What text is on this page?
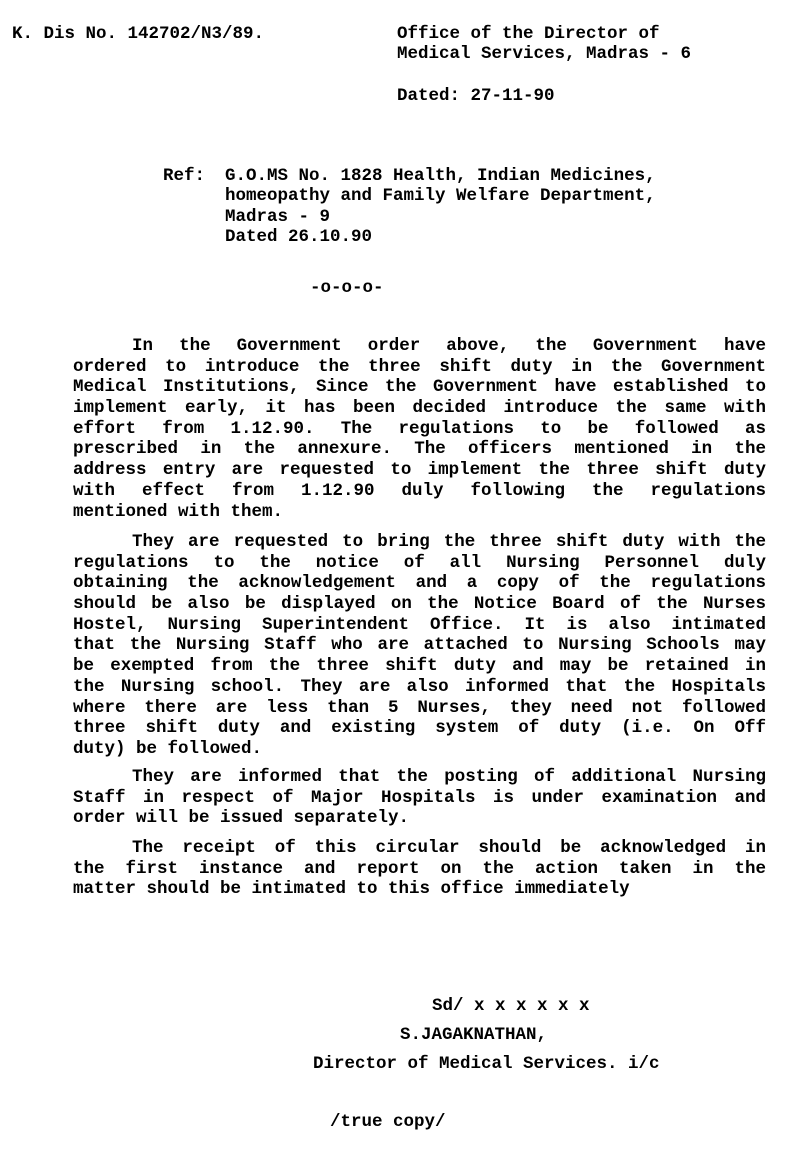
K. Dis No. 142702/N3/89.	Office of the Director of
Medical Services, Madras - 6
Dated: 27-11-90
Ref: G.O.MS No. 1828 Health, Indian Medicines,
homeopathy and Family Welfare Department,
Madras - 9
Dated 26.10.90
-o-o-o-
In the Government order above, the Government have
ordered to introduce the three shift duty in the Government
Medical Institutions, Since the Government have established to
implement early, it has been decided introduce the same with
effort from 1.12.90. The regulations to be followed as
prescribed in the annexure. The officers mentioned in the
address entry are requested to implement the three shift duty
with effect from 1.12.90 duly following the regulations
mentioned with them.
They are requested to bring the three shift duty with the
regulations to the notice of all Nursing Personnel duly
obtaining the acknowledgement and a copy of the regulations
should be also be displayed on the Notice Board of the Nurses
Hostel, Nursing Superintendent Office. It is also intimated
that the Nursing Staff who are attached to Nursing Schools may
be exempted from the three shift duty and may be retained in
the Nursing school. They are also informed that the Hospitals
where there are less than 5 Nurses, they need not followed
three shift duty and existing system of duty (i.e. On Off
duty) be followed.
They are informed that the posting of additional Nursing
Staff in respect of Major Hospitals is under examination and
order will be issued separately.
The receipt of this circular should be acknowledged in
the first instance and report on the action taken in the
matter should be intimated to this office immediately
Sd/ x x x x x x
S.JAGAKNATHAN,
Director of Medical Services. i/c
/true copy/
